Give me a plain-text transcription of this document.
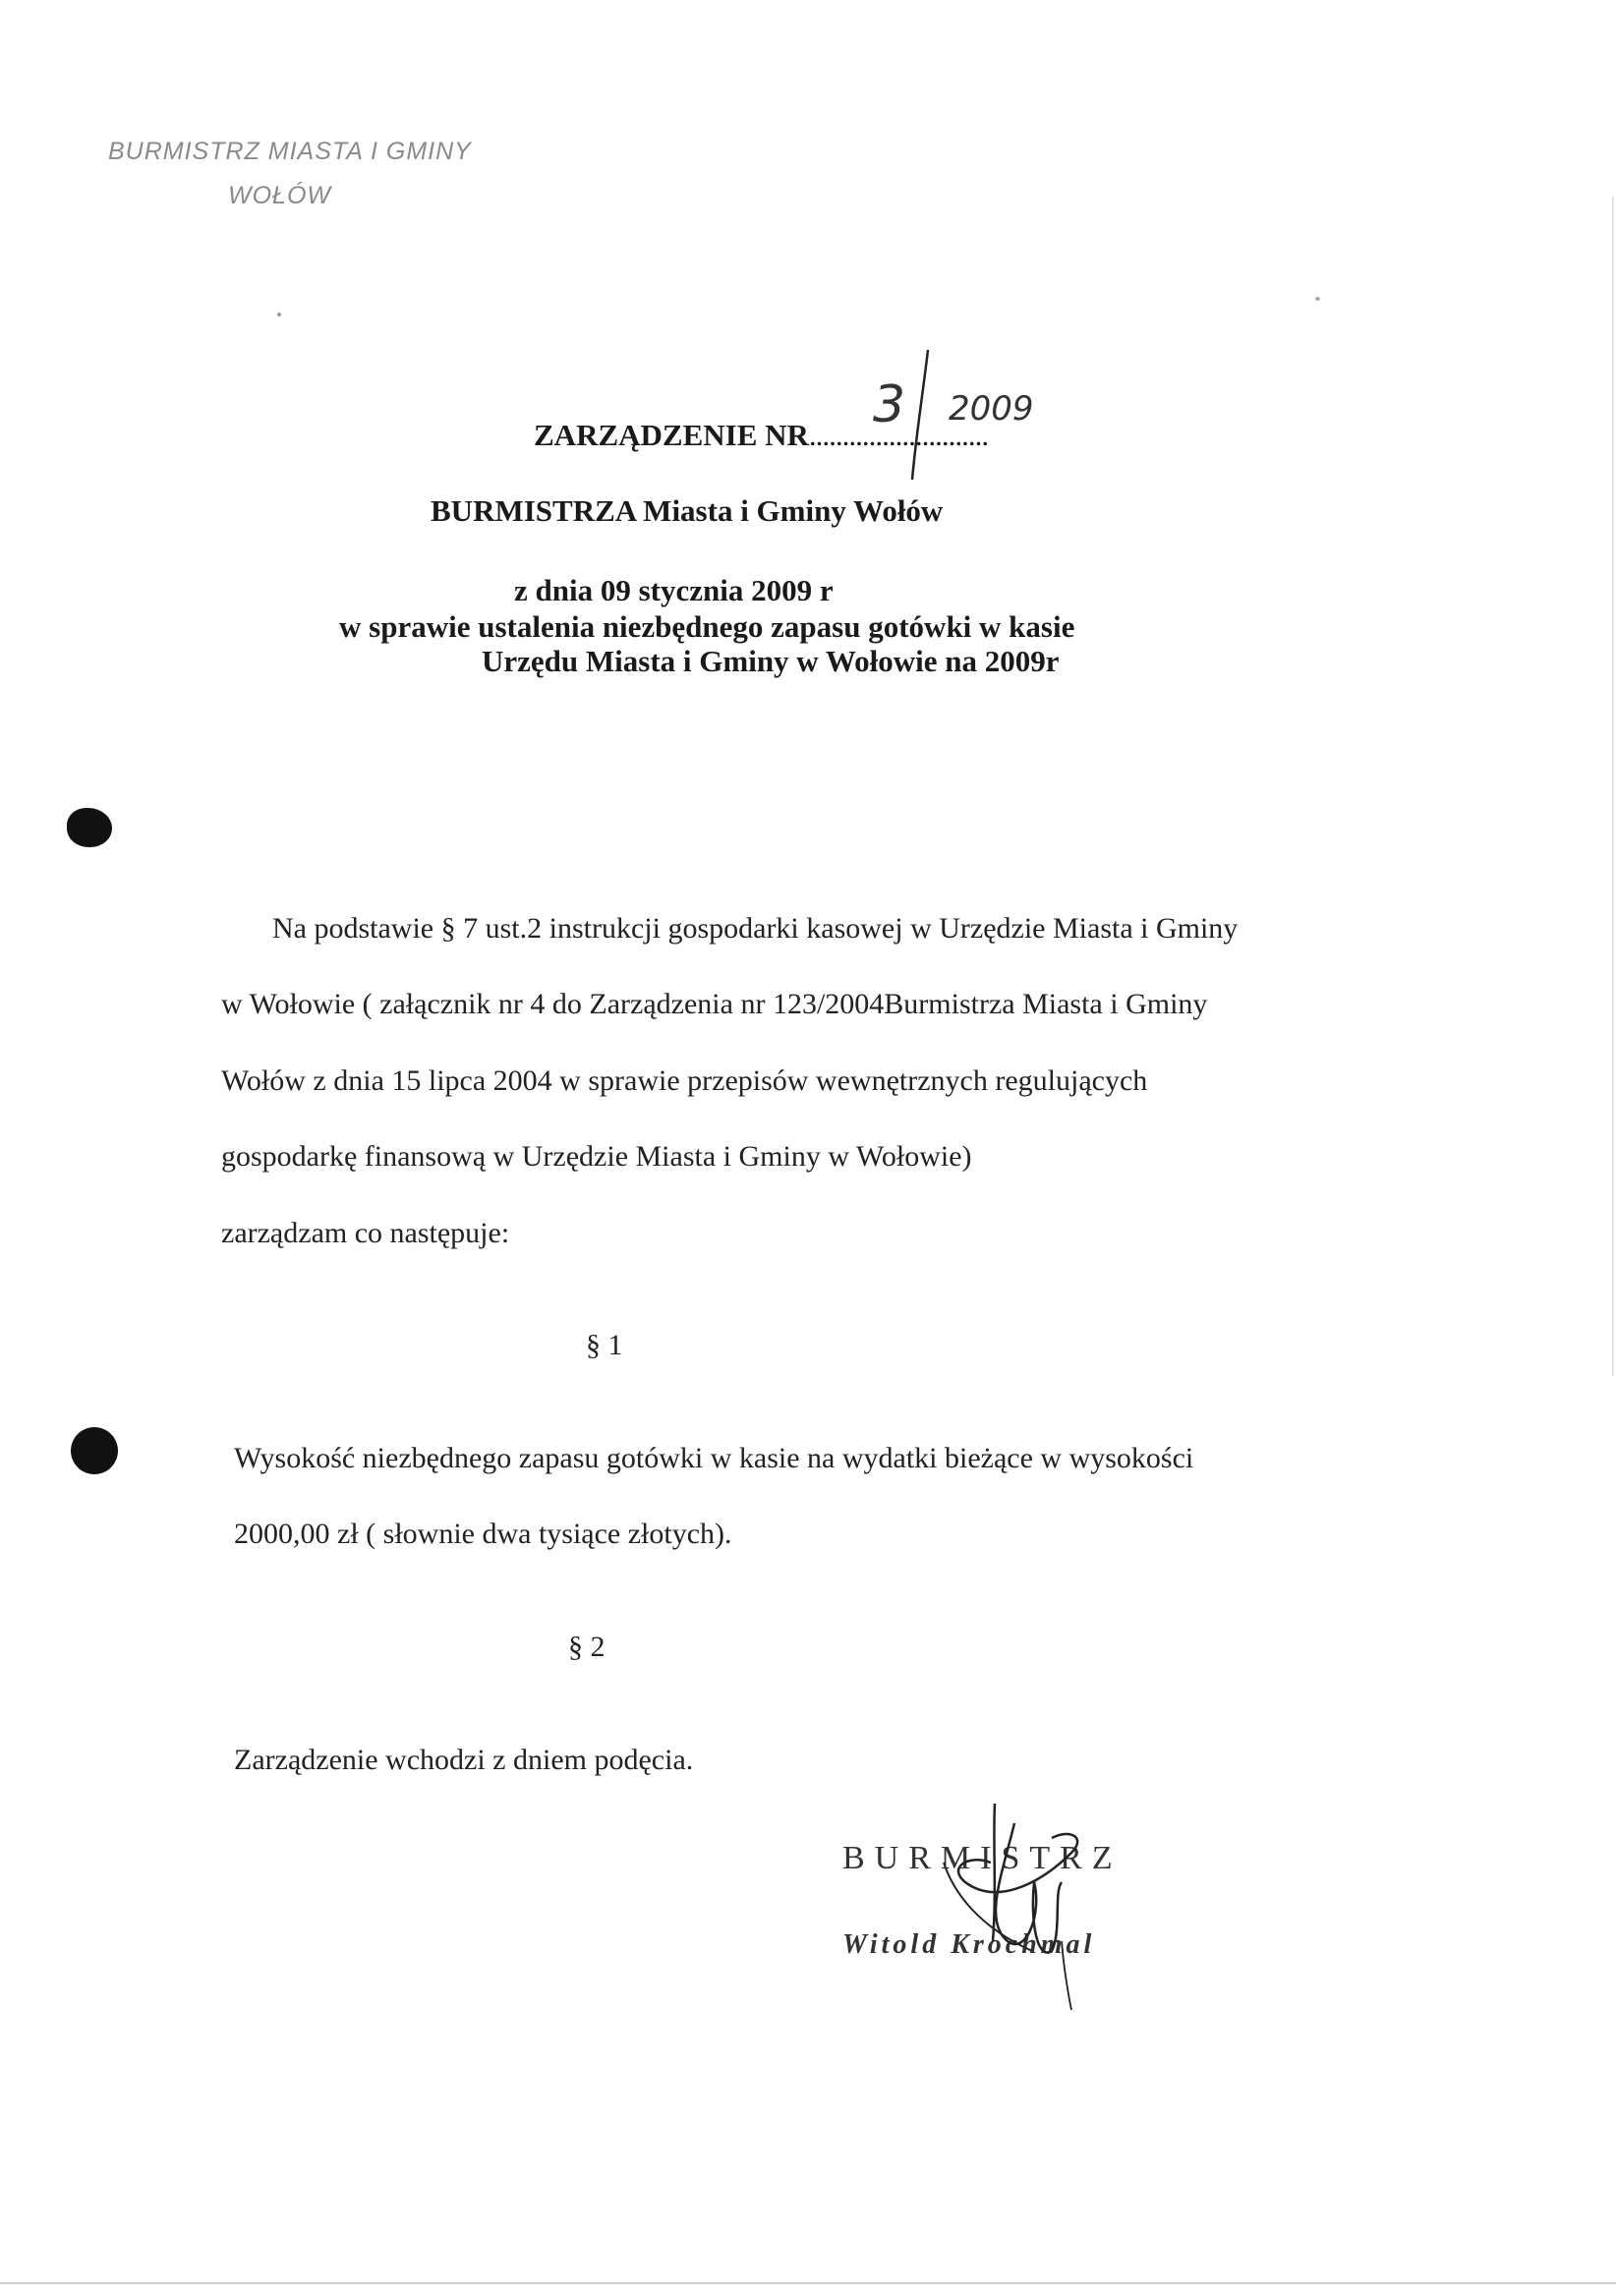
BURMISTRZ MIASTA I GMINY
WOŁÓW
ZARZĄDZENIE NR...........................
3 2009
BURMISTRZA Miasta i Gminy Wołów
z dnia 09 stycznia 2009 r
w sprawie ustalenia niezbędnego zapasu gotówki w kasie
Urzędu Miasta i Gminy w Wołowie na 2009r
Na podstawie § 7 ust.2 instrukcji gospodarki kasowej w Urzędzie Miasta i Gminy
w Wołowie ( załącznik nr 4 do Zarządzenia nr 123/2004Burmistrza Miasta i Gminy
Wołów z dnia 15 lipca 2004 w sprawie przepisów wewnętrznych regulujących
gospodarkę finansową w Urzędzie Miasta i Gminy w Wołowie)
zarządzam co następuje:
§ 1
Wysokość niezbędnego zapasu gotówki w kasie na wydatki bieżące w wysokości
2000,00 zł ( słownie dwa tysiące złotych).
§ 2
Zarządzenie wchodzi z dniem podęcia.
BURMISTRZ
Witold Krochmal
